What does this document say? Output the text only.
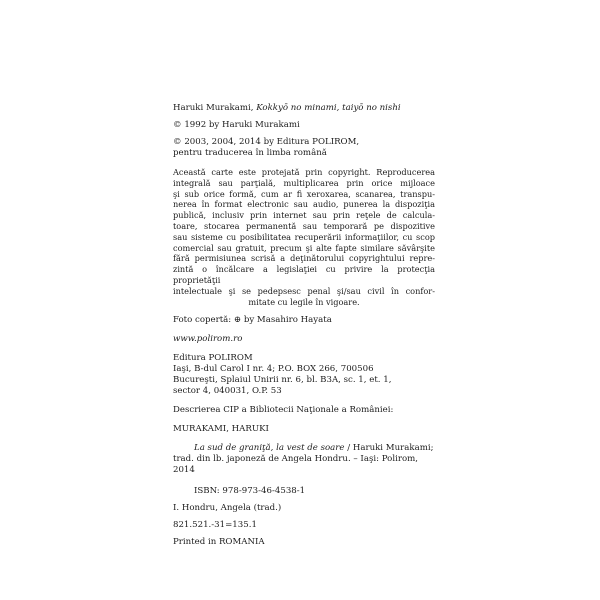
Haruki Murakami, Kokkyō no minami, taiyō no nishi

© 1992 by Haruki Murakami

© 2003, 2004, 2014 by Editura POLIROM,

pentru traducerea în limba română

Această carte este protejată prin copyright. Reproducerea
integrală sau parţială, multiplicarea prin orice mijloace
şi sub orice formă, cum ar fi xeroxarea, scanarea, transpu-
nerea în format electronic sau audio, punerea la dispoziţia
publică, inclusiv prin internet sau prin reţele de calcula-
toare, stocarea permanentă sau temporară pe dispozitive
sau sisteme cu posibilitatea recuperării informaţiilor, cu scop
comercial sau gratuit, precum şi alte fapte similare săvârşite
fără permisiunea scrisă a deţinătorului copyrightului repre-
zintă o încălcare a legislaţiei cu privire la protecţia proprietăţii
intelectuale şi se pedepsesc penal şi/sau civil în confor-
mitate cu legile în vigoare.

Foto copertă: ⊕ by Masahiro Hayata

www.polirom.ro

Editura POLIROM

Iaşi, B-dul Carol I nr. 4; P.O. BOX 266, 700506

Bucureşti, Splaiul Unirii nr. 6, bl. B3A, sc. 1, et. 1,

sector 4, 040031, O.P. 53

Descrierea CIP a Bibliotecii Naţionale a României:

MURAKAMI, HARUKI

La sud de graniţă, la vest de soare / Haruki Murakami;

trad. din lb. japoneză de Angela Hondru. – Iaşi: Polirom,

2014

ISBN: 978-973-46-4538-1

I. Hondru, Angela (trad.)

821.521.-31=135.1

Printed in ROMANIA
